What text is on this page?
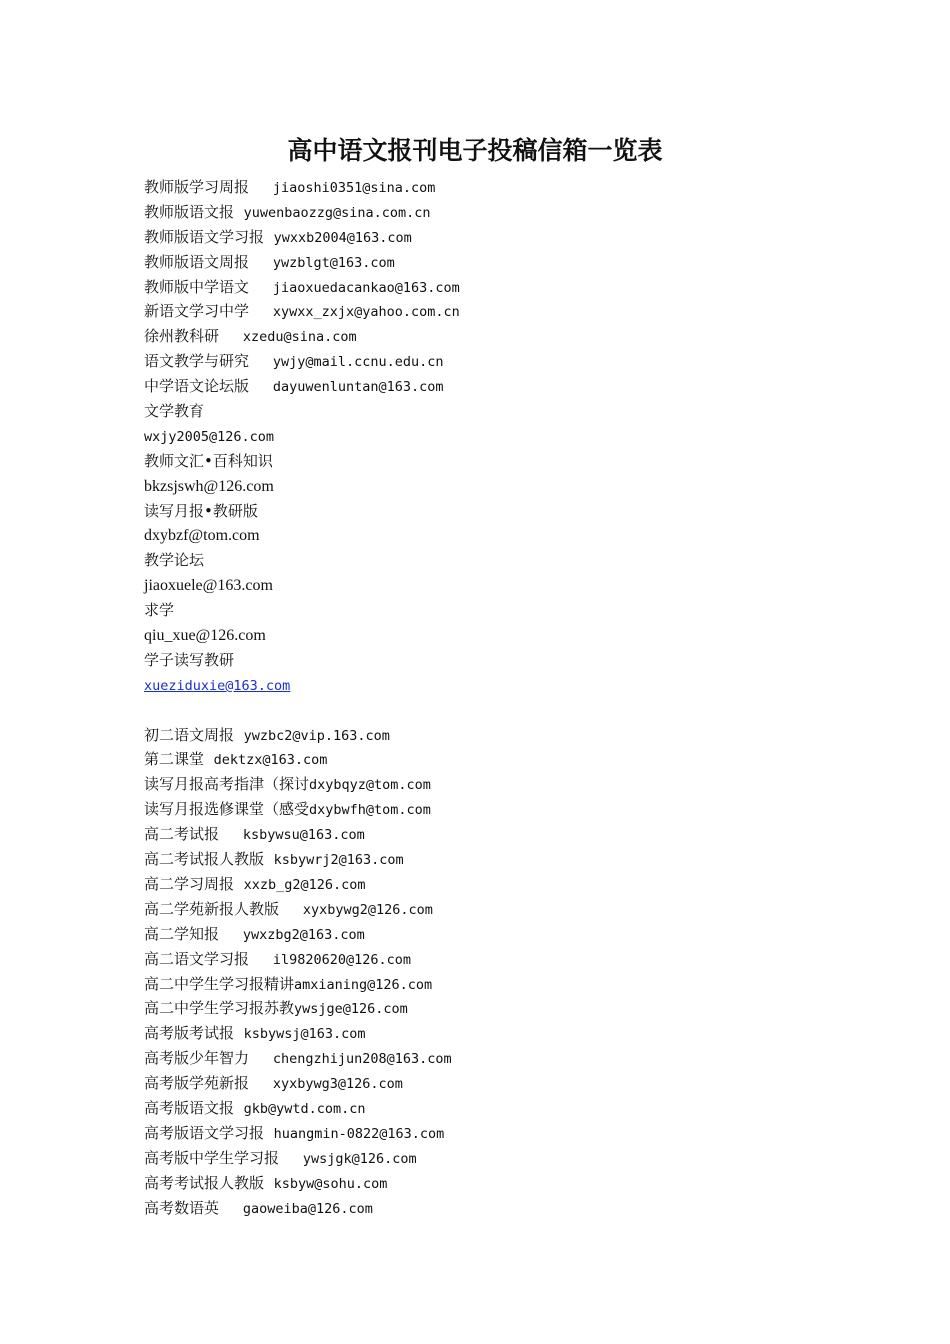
高中语文报刊电子投稿信箱一览表
教师版学习周报 jiaoshi0351@sina.com
教师版语文报 yuwenbaozzg@sina.com.cn
教师版语文学习报 ywxxb2004@163.com
教师版语文周报 ywzblgt@163.com
教师版中学语文 jiaoxuedacankao@163.com
新语文学习中学 xywxx_zxjx@yahoo.com.cn
徐州教科研 xzedu@sina.com
语文教学与研究 ywjy@mail.ccnu.edu.cn
中学语文论坛版 dayuwenluntan@163.com
文学教育
wxjy2005@126.com
教师文汇•百科知识
bkzsjswh@126.com
读写月报•教研版
dxybzf@tom.com
教学论坛
jiaoxuele@163.com
求学
qiu_xue@126.com
学子读写教研
xueziduxie@163.com
初二语文周报 ywzbc2@vip.163.com
第二课堂 dektzx@163.com
读写月报高考指津（探讨dxybqyz@tom.com
读写月报选修课堂（感受dxybwfh@tom.com
高二考试报 ksbywsu@163.com
高二考试报人教版 ksbywrj2@163.com
高二学习周报 xxzb_g2@126.com
高二学苑新报人教版 xyxbywg2@126.com
高二学知报 ywxzbg2@163.com
高二语文学习报 il9820620@126.com
高二中学生学习报精讲amxianing@126.com
高二中学生学习报苏教ywsjge@126.com
高考版考试报 ksbywsj@163.com
高考版少年智力 chengzhijun208@163.com
高考版学苑新报 xyxbywg3@126.com
高考版语文报 gkb@ywtd.com.cn
高考版语文学习报 huangmin-0822@163.com
高考版中学生学习报 ywsjgk@126.com
高考考试报人教版 ksbyw@sohu.com
高考数语英 gaoweiba@126.com
